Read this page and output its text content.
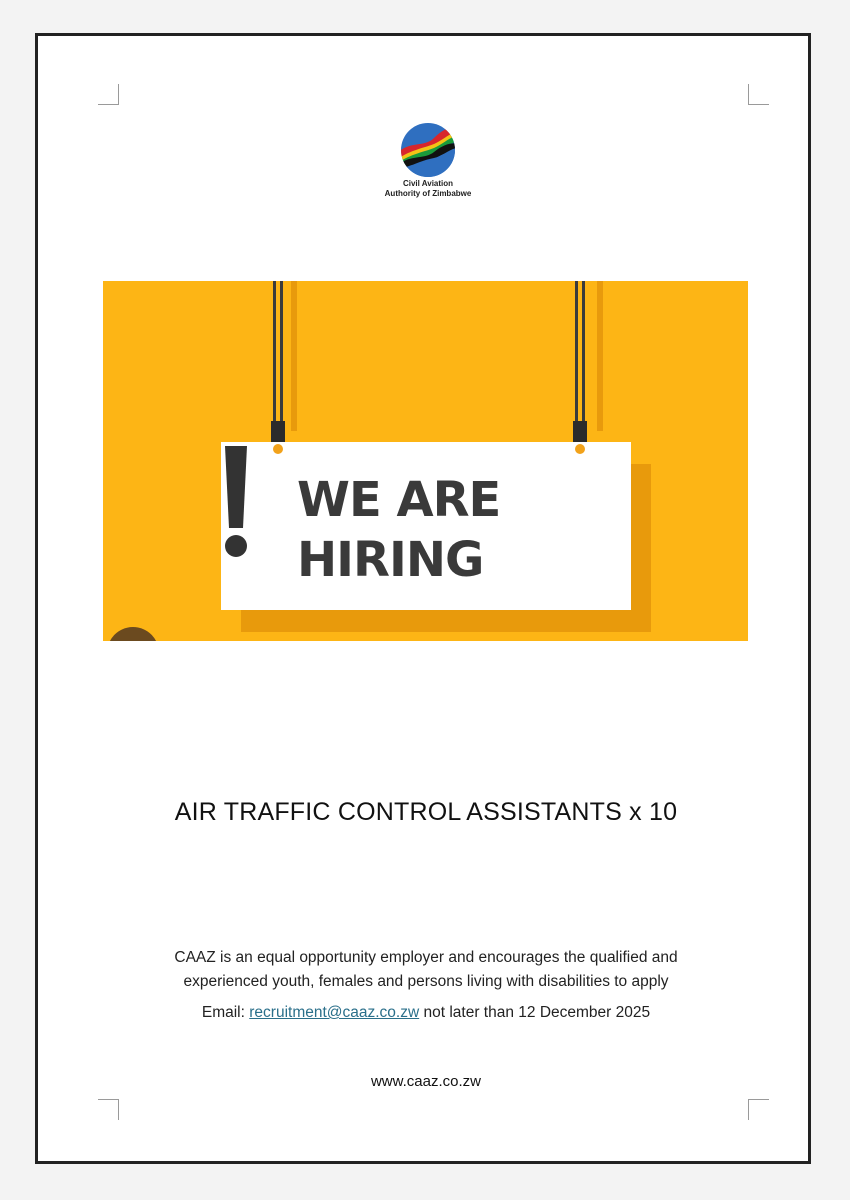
Civil Aviation
Authority of Zimbabwe
WE ARE
HIRING
AIR TRAFFIC CONTROL ASSISTANTS x 10
CAAZ is an equal opportunity employer and encourages the qualified and
experienced youth, females and persons living with disabilities to apply
Email: recruitment@caaz.co.zw not later than 12 December 2025
www.caaz.co.zw
